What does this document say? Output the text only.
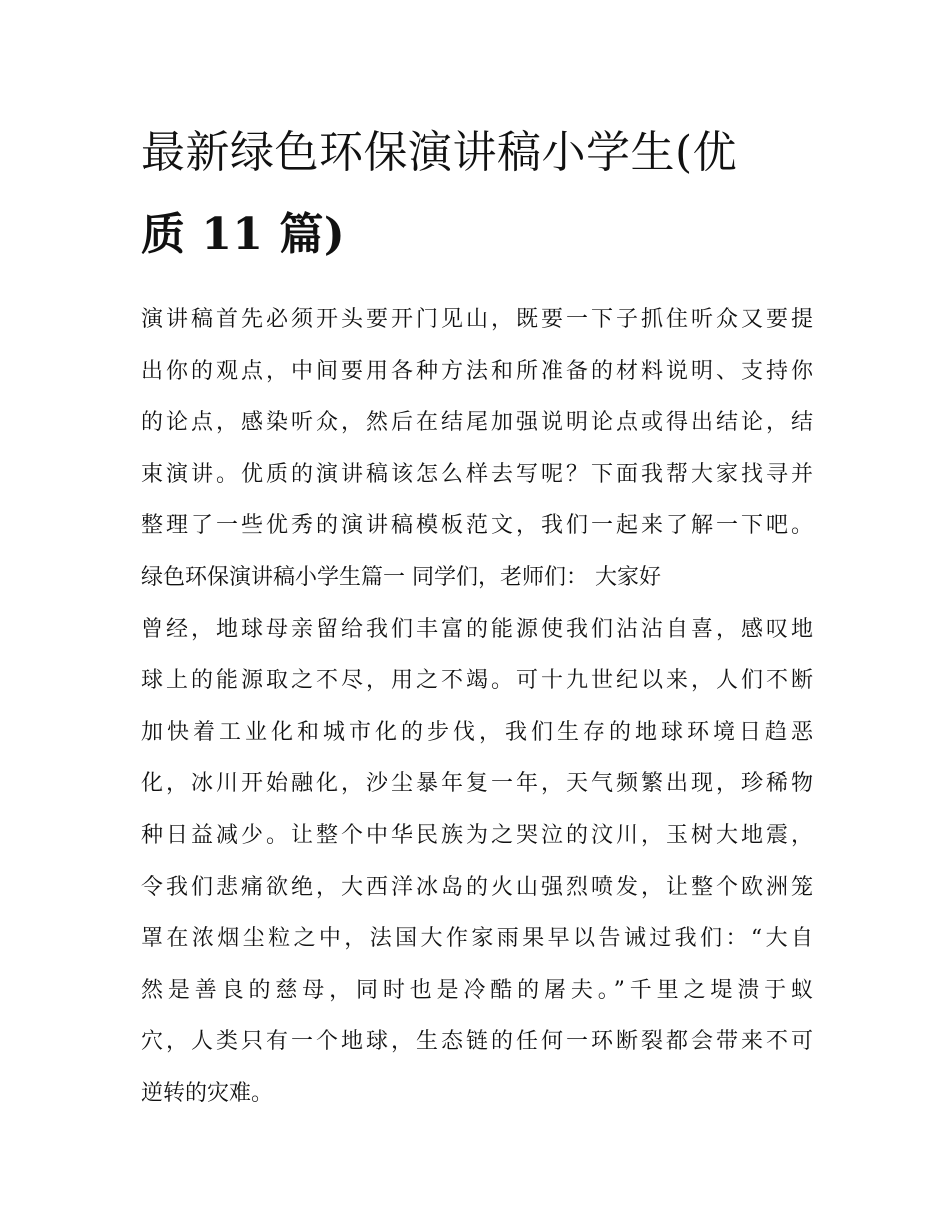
最新绿色环保演讲稿小学生(优
质 11 篇)
演讲稿首先必须开头要开门见山，既要一下子抓住听众又要提
出你的观点，中间要用各种方法和所准备的材料说明、支持你
的论点，感染听众，然后在结尾加强说明论点或得出结论，结
束演讲。优质的演讲稿该怎么样去写呢？下面我帮大家找寻并
整理了一些优秀的演讲稿模板范文，我们一起来了解一下吧。
绿色环保演讲稿小学生篇一 同学们，老师们： 大家好
曾经，地球母亲留给我们丰富的能源使我们沾沾自喜，感叹地
球上的能源取之不尽，用之不竭。可十九世纪以来，人们不断
加快着工业化和城市化的步伐，我们生存的地球环境日趋恶
化，冰川开始融化，沙尘暴年复一年，天气频繁出现，珍稀物
种日益减少。让整个中华民族为之哭泣的汶川，玉树大地震，
令我们悲痛欲绝，大西洋冰岛的火山强烈喷发，让整个欧洲笼
罩在浓烟尘粒之中，法国大作家雨果早以告诫过我们：“大自
然是善良的慈母，同时也是冷酷的屠夫。”千里之堤溃于蚁
穴，人类只有一个地球，生态链的任何一环断裂都会带来不可
逆转的灾难。
